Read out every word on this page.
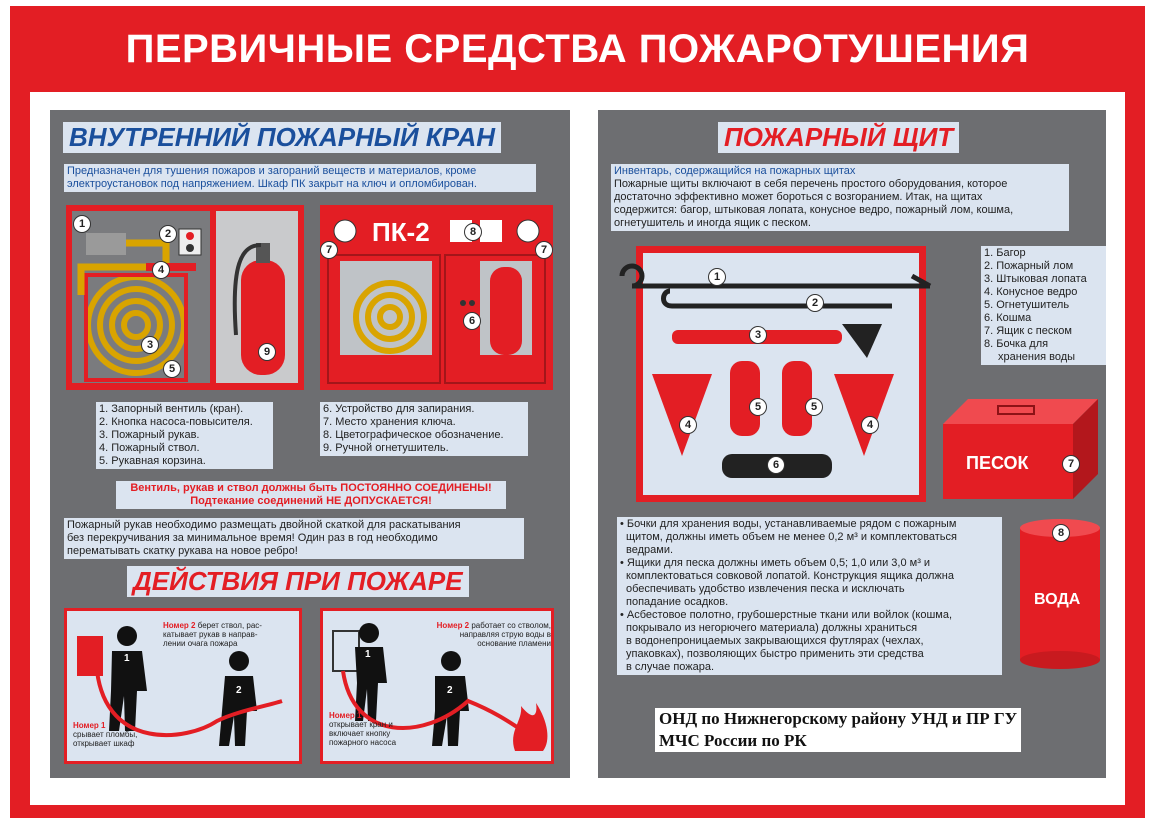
ПЕРВИЧНЫЕ СРЕДСТВА ПОЖАРОТУШЕНИЯ
ВНУТРЕННИЙ ПОЖАРНЫЙ КРАН
Предназначен для тушения пожаров и загораний веществ и материалов, кроме
электроустановок под напряжением. Шкаф ПК закрыт на ключ и опломбирован.
1
2
4
3
5
9
ПК-2
7
8
7
6
1. Запорный вентиль (кран).
2. Кнопка насоса-повысителя.
3. Пожарный рукав.
4. Пожарный ствол.
5. Рукавная корзина.
6. Устройство для запирания.
7. Место хранения ключа.
8. Цветографическое обозначение.
9. Ручной огнетушитель.
Вентиль, рукав и ствол должны быть ПОСТОЯННО СОЕДИНЕНЫ!
Подтекание соединений НЕ ДОПУСКАЕТСЯ!
Пожарный рукав необходимо размещать двойной скаткой для раскатывания
без перекручивания за минимальное время! Один раз в год необходимо
перематывать скатку рукава на новое ребро!
ДЕЙСТВИЯ ПРИ ПОЖАРЕ
1
2
Номер 2 берет ствол, рас-катывает рукав в направ-лении очага пожара
Номер 1
срывает пломбы, открывает шкаф
1
2
Номер 2 работает со стволом, направляя струю воды в основание пламени
Номер 1
открывает кран и включает кнопку пожарного насоса
ПОЖАРНЫЙ ЩИТ
Инвентарь, содержащийся на пожарных щитах
Пожарные щиты включают в себя перечень простого оборудования, которое
достаточно эффективно может бороться с возгоранием. Итак, на щитах
содержится: багор, штыковая лопата, конусное ведро, пожарный лом, кошма,
огнетушитель и иногда ящик с песком.
1
2
3
4	4
5	5
6
1. Багор
2. Пожарный лом
3. Штыковая лопата
4. Конусное ведро
5. Огнетушитель
6. Кошма
7. Ящик с песком
8. Бочка для
хранения воды
ПЕСОК	7
ВОДА
8
• Бочки для хранения воды, устанавливаемые рядом с пожарным
щитом, должны иметь объем не менее 0,2 м³ и комплектоваться
ведрами.
• Ящики для песка должны иметь объем 0,5; 1,0 или 3,0 м³ и
комплектоваться совковой лопатой. Конструкция ящика должна
обеспечивать удобство извлечения песка и исключать
попадание осадков.
• Асбестовое полотно, грубошерстные ткани или войлок (кошма,
покрывало из негорючего материала) должны храниться
в водонепроницаемых закрывающихся футлярах (чехлах,
упаковках), позволяющих быстро применить эти средства
в случае пожара.
ОНД по Нижнегорскому району УНД и ПР ГУ
МЧС России по РК
